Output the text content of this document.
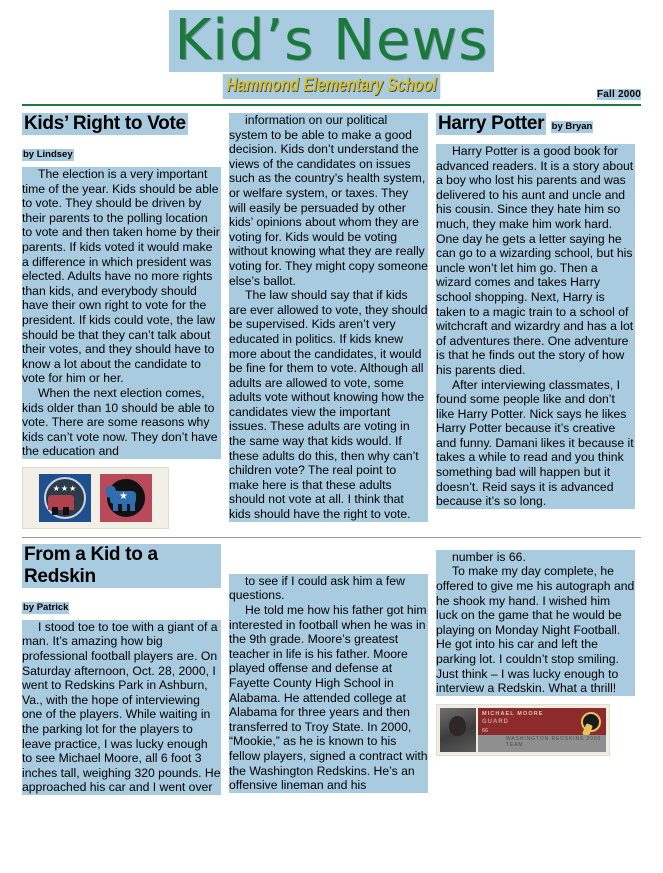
Kid’s News
Hammond Elementary School	Fall 2000
Kids’ Right to Vote by Lindsey

The election is a very important time of the year. Kids should be able to vote. They should be driven by their parents to the polling location to vote and then taken home by their parents. If kids voted it would make a difference in which president was elected. Adults have no more rights than kids, and everybody should have their own right to vote for the president. If kids could vote, the law should be that they can’t talk about their votes, and they should have to know a lot about the candidate to vote for him or her.

When the next election comes, kids older than 10 should be able to vote. There are some reasons why kids can’t vote now. They don’t have the education and

★★★
★

information on our political system to be able to make a good decision. Kids don’t understand the views of the candidates on issues such as the country’s health system, or welfare system, or taxes. They will easily be persuaded by other kids’ opinions about whom they are voting for. Kids would be voting without knowing what they are really voting for. They might copy someone else’s ballot.

The law should say that if kids are ever allowed to vote, they should be supervised. Kids aren’t very educated in politics. If kids knew more about the candidates, it would be fine for them to vote. Although all adults are allowed to vote, some adults vote without knowing how the candidates view the important issues. These adults are voting in the same way that kids would. If these adults do this, then why can’t children vote? The real point to make here is that these adults should not vote at all. I think that kids should have the right to vote.

Harry Potter by Bryan

Harry Potter is a good book for advanced readers. It is a story about a boy who lost his parents and was delivered to his aunt and uncle and his cousin. Since they hate him so much, they make him work hard. One day he gets a letter saying he can go to a wizarding school, but his uncle won’t let him go. Then a wizard comes and takes Harry school shopping. Next, Harry is taken to a magic train to a school of witchcraft and wizardry and has a lot of adventures there. One adventure is that he finds out the story of how his parents died.

After interviewing classmates, I found some people like and don’t like Harry Potter. Nick says he likes Harry Potter because it’s creative and funny. Damani likes it because it takes a while to read and you think something bad will happen but it doesn’t. Reid says it is advanced because it’s so long.

From a Kid to a Redskin by Patrick

I stood toe to toe with a giant of a man. It’s amazing how big professional football players are. On Saturday afternoon, Oct. 28, 2000, I went to Redskins Park in Ashburn, Va., with the hope of interviewing one of the players. While waiting in the parking lot for the players to leave practice, I was lucky enough to see Michael Moore, all 6 foot 3 inches tall, weighing 320 pounds. He approached his car and I went over

to see if I could ask him a few questions.

He told me how his father got him interested in football when he was in the 9th grade. Moore’s greatest teacher in life is his father. Moore played offense and defense at Fayette County High School in Alabama. He attended college at Alabama for three years and then transferred to Troy State. In 2000, “Mookie,” as he is known to his fellow players, signed a contract with the Washington Redskins. He’s an offensive lineman and his

number is 66.

To make my day complete, he offered to give me his autograph and he shook my hand. I wished him luck on the game that he would be playing on Monday Night Football. He got into his car and left the parking lot. I couldn’t stop smiling. Just think – I was lucky enough to interview a Redskin. What a thrill!

MICHAEL MOORE
GUARD
66
WASHINGTON REDSKINS 2000 TEAM
